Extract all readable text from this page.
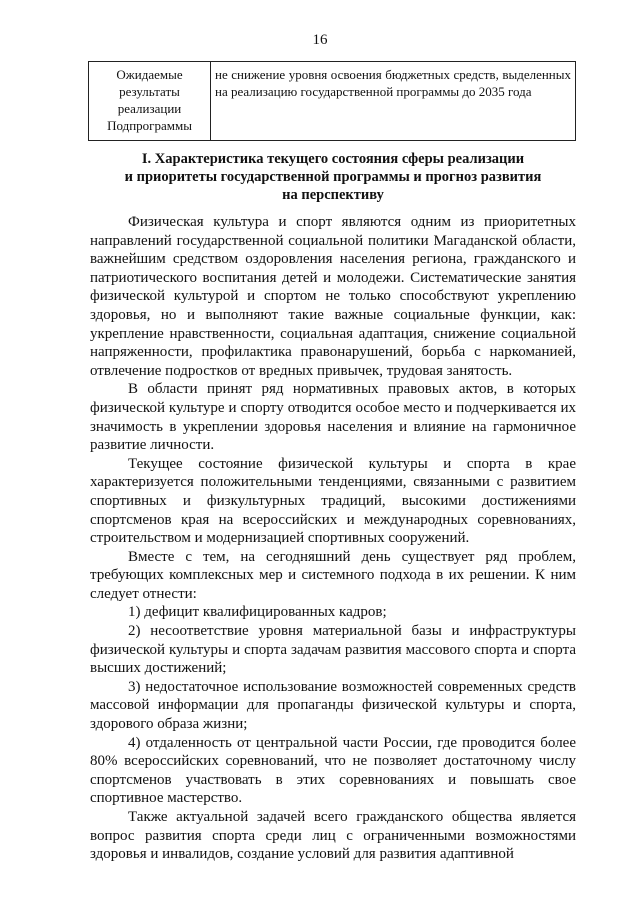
16
Ожидаемые
результаты
реализации
Подпрограммы
	не снижение уровня освоения бюджетных средств, выделенных на реализацию государственной программы до 2035 года
I. Характеристика текущего состояния сферы реализации
и приоритеты государственной программы и прогноз развития
на перспективу

Физическая культура и спорт являются одним из приоритетных направлений государственной социальной политики Магаданской области, важнейшим средством оздоровления населения региона, гражданского и патриотического воспитания детей и молодежи. Систематические занятия физической культурой и спортом не только способствуют укреплению здоровья, но и выполняют такие важные социальные функции, как: укрепление нравственности, социальная адаптация, снижение социальной напряженности, профилактика правонарушений, борьба с наркоманией, отвлечение подростков от вредных привычек, трудовая занятость.

В области принят ряд нормативных правовых актов, в которых физической культуре и спорту отводится особое место и подчеркивается их значимость в укреплении здоровья населения и влияние на гармоничное развитие личности.

Текущее состояние физической культуры и спорта в крае характеризуется положительными тенденциями, связанными с развитием спортивных и физкультурных традиций, высокими достижениями спортсменов края на всероссийских и международных соревнованиях, строительством и модернизацией спортивных сооружений.

Вместе с тем, на сегодняшний день существует ряд проблем, требующих комплексных мер и системного подхода в их решении. К ним следует отнести:

1) дефицит квалифицированных кадров;

2) несоответствие уровня материальной базы и инфраструктуры физической культуры и спорта задачам развития массового спорта и спорта высших достижений;

3) недостаточное использование возможностей современных средств массовой информации для пропаганды физической культуры и спорта, здорового образа жизни;

4) отдаленность от центральной части России, где проводится более 80% всероссийских соревнований, что не позволяет достаточному числу спортсменов участвовать в этих соревнованиях и повышать свое спортивное мастерство.

Также актуальной задачей всего гражданского общества является вопрос развития спорта среди лиц с ограниченными возможностями здоровья и инвалидов, создание условий для развития адаптивной
